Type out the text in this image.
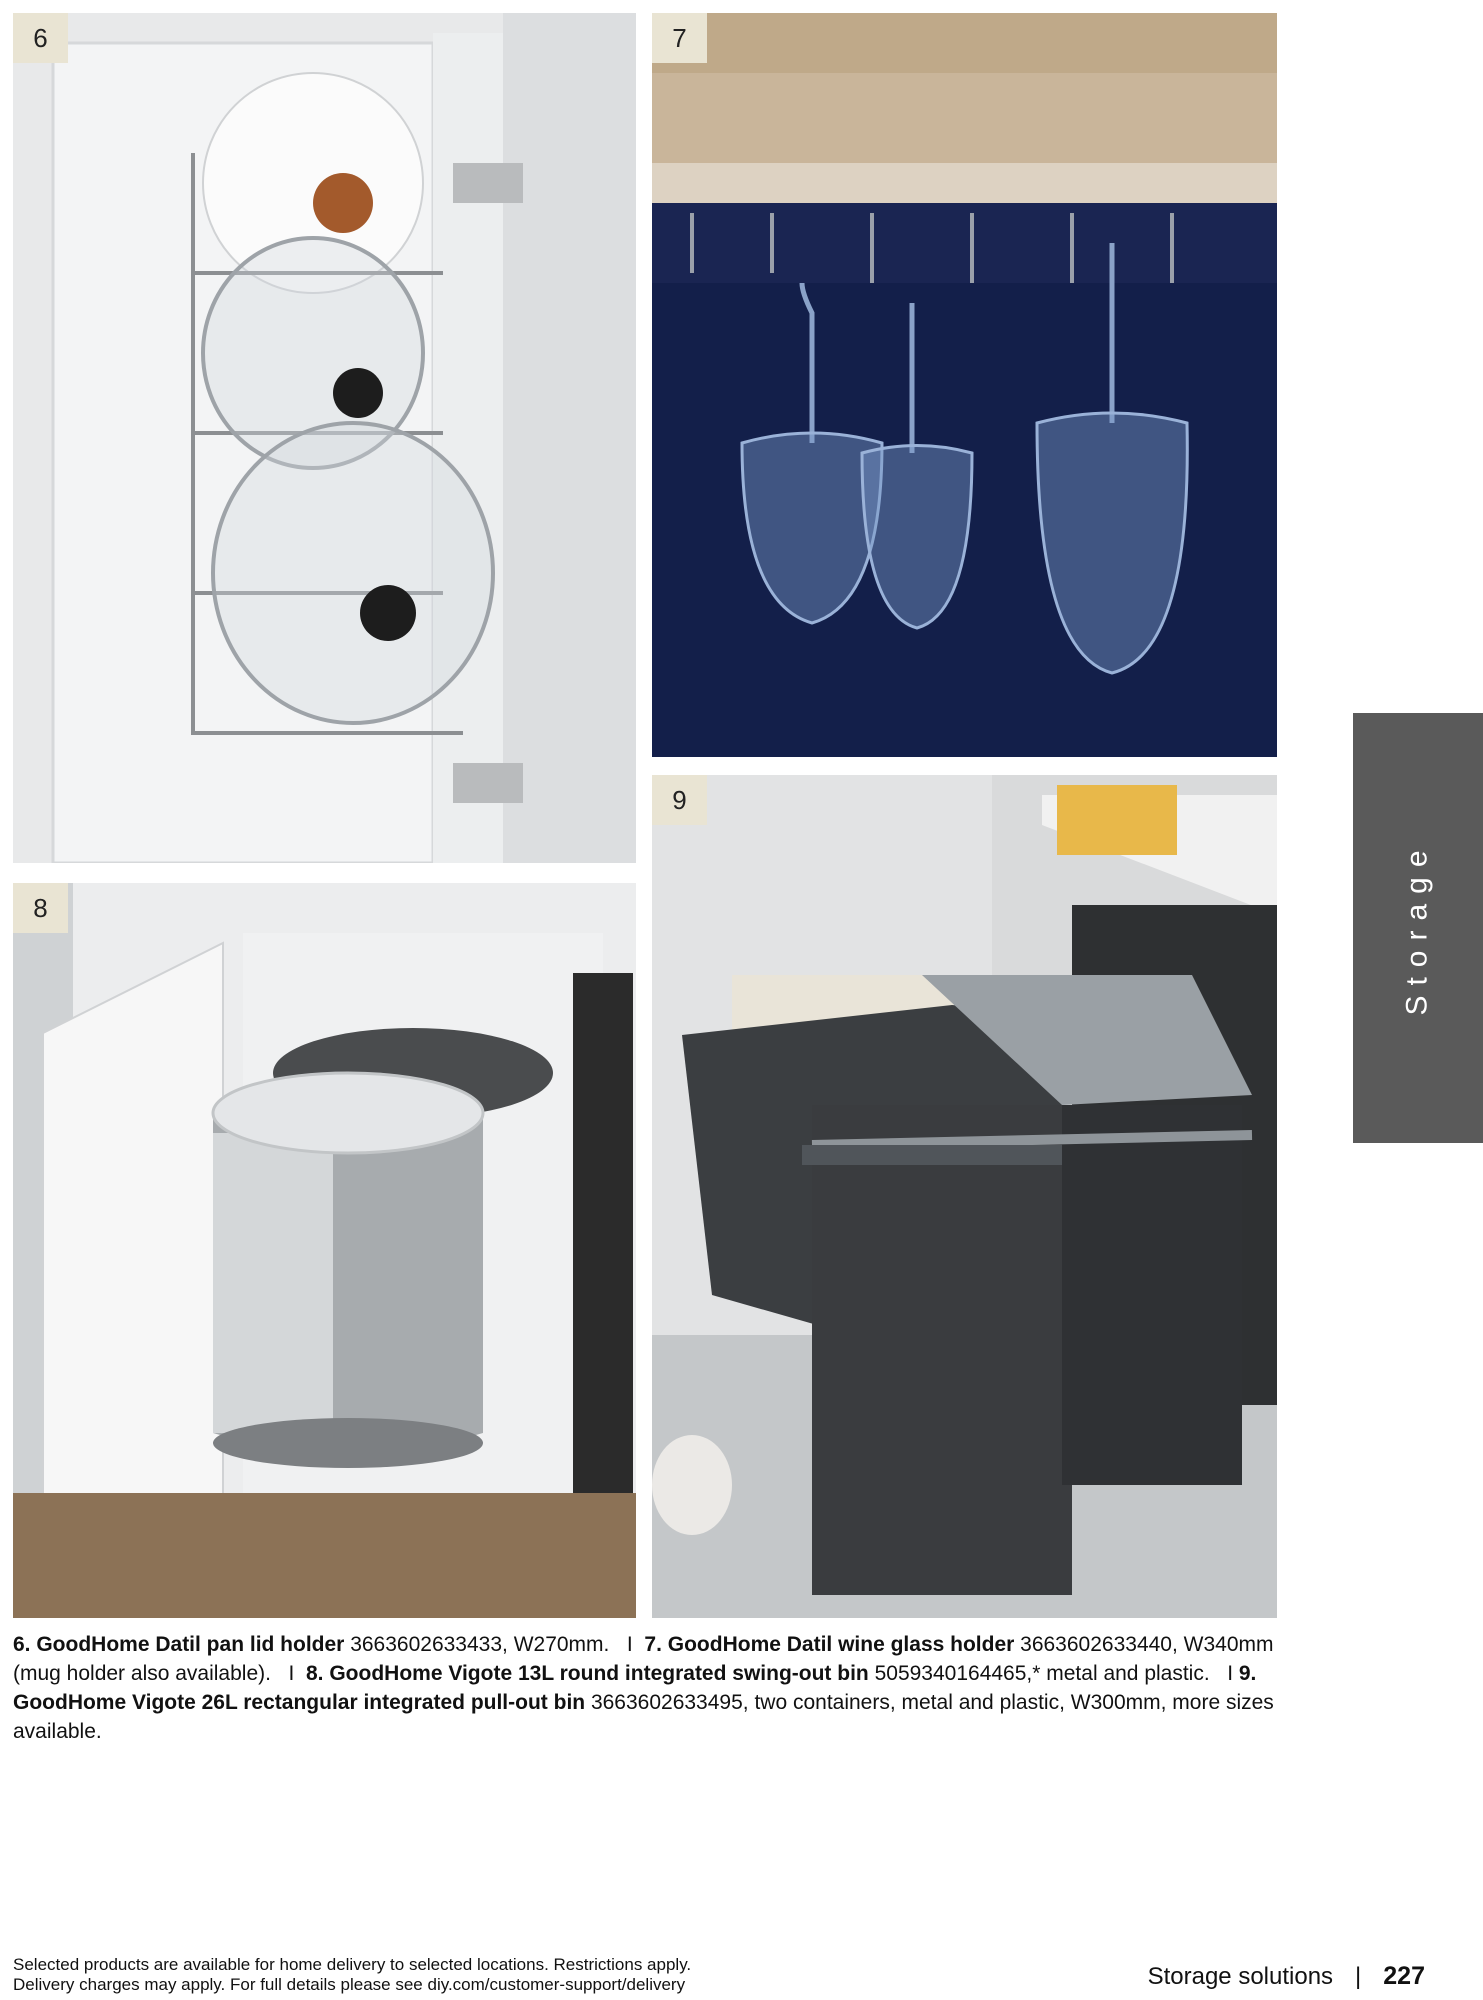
6	7
8
9
Storage
6. GoodHome Datil pan lid holder 3663602633433, W270mm. I 7. GoodHome Datil wine glass holder 3663602633440, W340mm (mug holder also available). I 8. GoodHome Vigote 13L round integrated swing-out bin 5059340164465,* metal and plastic. I 9. GoodHome Vigote 26L rectangular integrated pull-out bin 3663602633495, two containers, metal and plastic, W300mm, more sizes available.
Selected products are available for home delivery to selected locations. Restrictions apply.
Delivery charges may apply. For full details please see diy.com/customer-support/delivery	Storage solutions | 227
